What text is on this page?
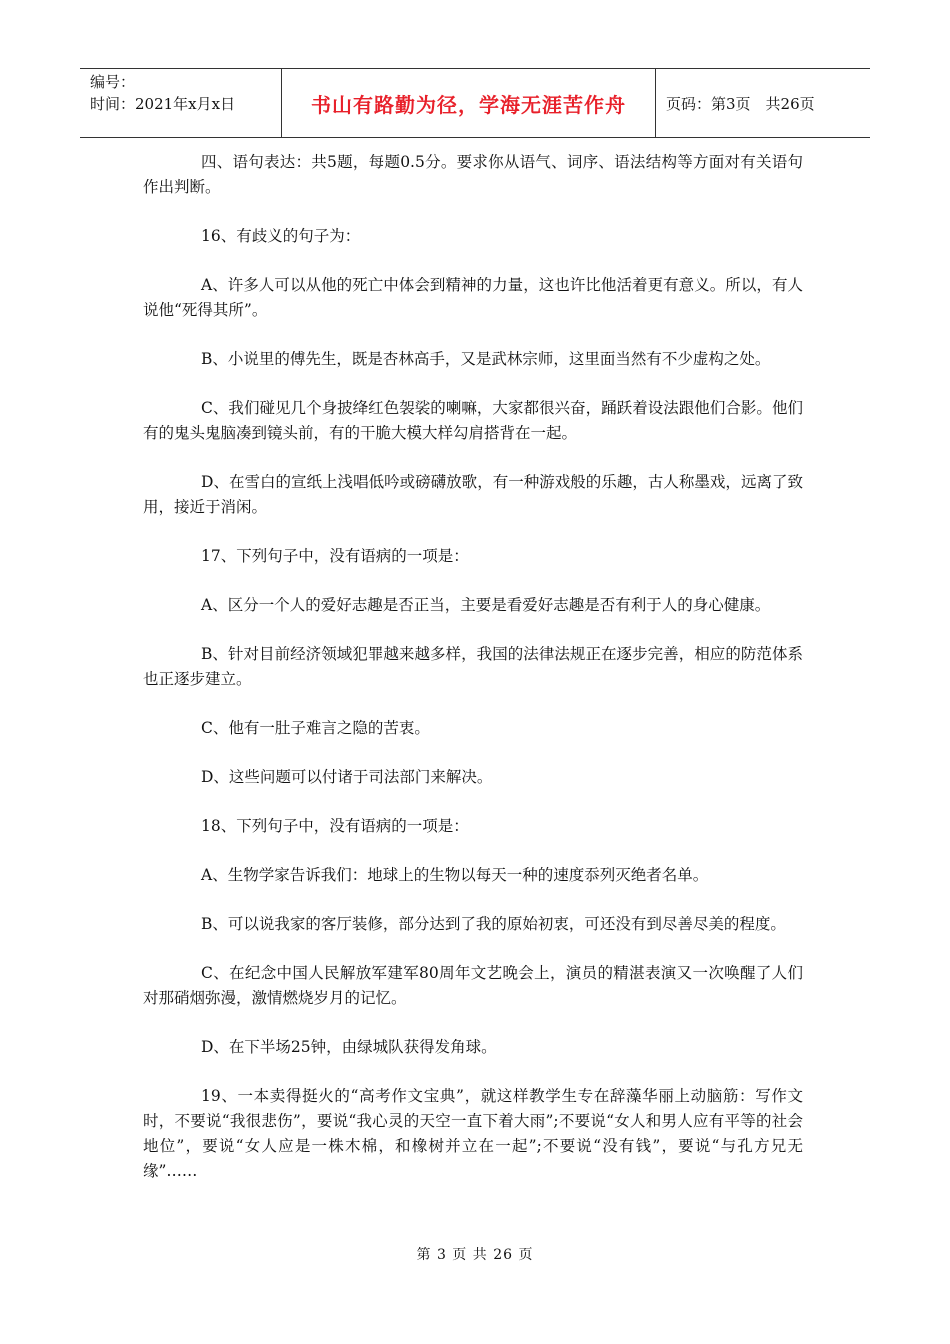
编号：
时间：2021年x月x日	书山有路勤为径，学海无涯苦作舟	页码：第3页　共26页

四、语句表达：共5题，每题0.5分。要求你从语气、词序、语法结构等方面对有关语句作出判断。

16、有歧义的句子为：

A、许多人可以从他的死亡中体会到精神的力量，这也许比他活着更有意义。所以，有人说他“死得其所”。

B、小说里的傅先生，既是杏林高手，又是武林宗师，这里面当然有不少虚构之处。

C、我们碰见几个身披绛红色袈裟的喇嘛，大家都很兴奋，踊跃着设法跟他们合影。他们有的鬼头鬼脑凑到镜头前，有的干脆大模大样勾肩搭背在一起。

D、在雪白的宣纸上浅唱低吟或磅礴放歌，有一种游戏般的乐趣，古人称墨戏，远离了致用，接近于消闲。

17、下列句子中，没有语病的一项是：

A、区分一个人的爱好志趣是否正当，主要是看爱好志趣是否有利于人的身心健康。

B、针对目前经济领域犯罪越来越多样，我国的法律法规正在逐步完善，相应的防范体系也正逐步建立。

C、他有一肚子难言之隐的苦衷。

D、这些问题可以付诸于司法部门来解决。

18、下列句子中，没有语病的一项是：

A、生物学家告诉我们：地球上的生物以每天一种的速度忝列灭绝者名单。

B、可以说我家的客厅装修，部分达到了我的原始初衷，可还没有到尽善尽美的程度。

C、在纪念中国人民解放军建军80周年文艺晚会上，演员的精湛表演又一次唤醒了人们对那硝烟弥漫，激情燃烧岁月的记忆。

D、在下半场25钟，由绿城队获得发角球。

19、一本卖得挺火的“高考作文宝典”，就这样教学生专在辞藻华丽上动脑筋：写作文时，不要说“我很悲伤”，要说“我心灵的天空一直下着大雨”;不要说“女人和男人应有平等的社会地位”，要说“女人应是一株木棉，和橡树并立在一起”;不要说“没有钱”，要说“与孔方兄无缘”……

第 3 页 共 26 页
